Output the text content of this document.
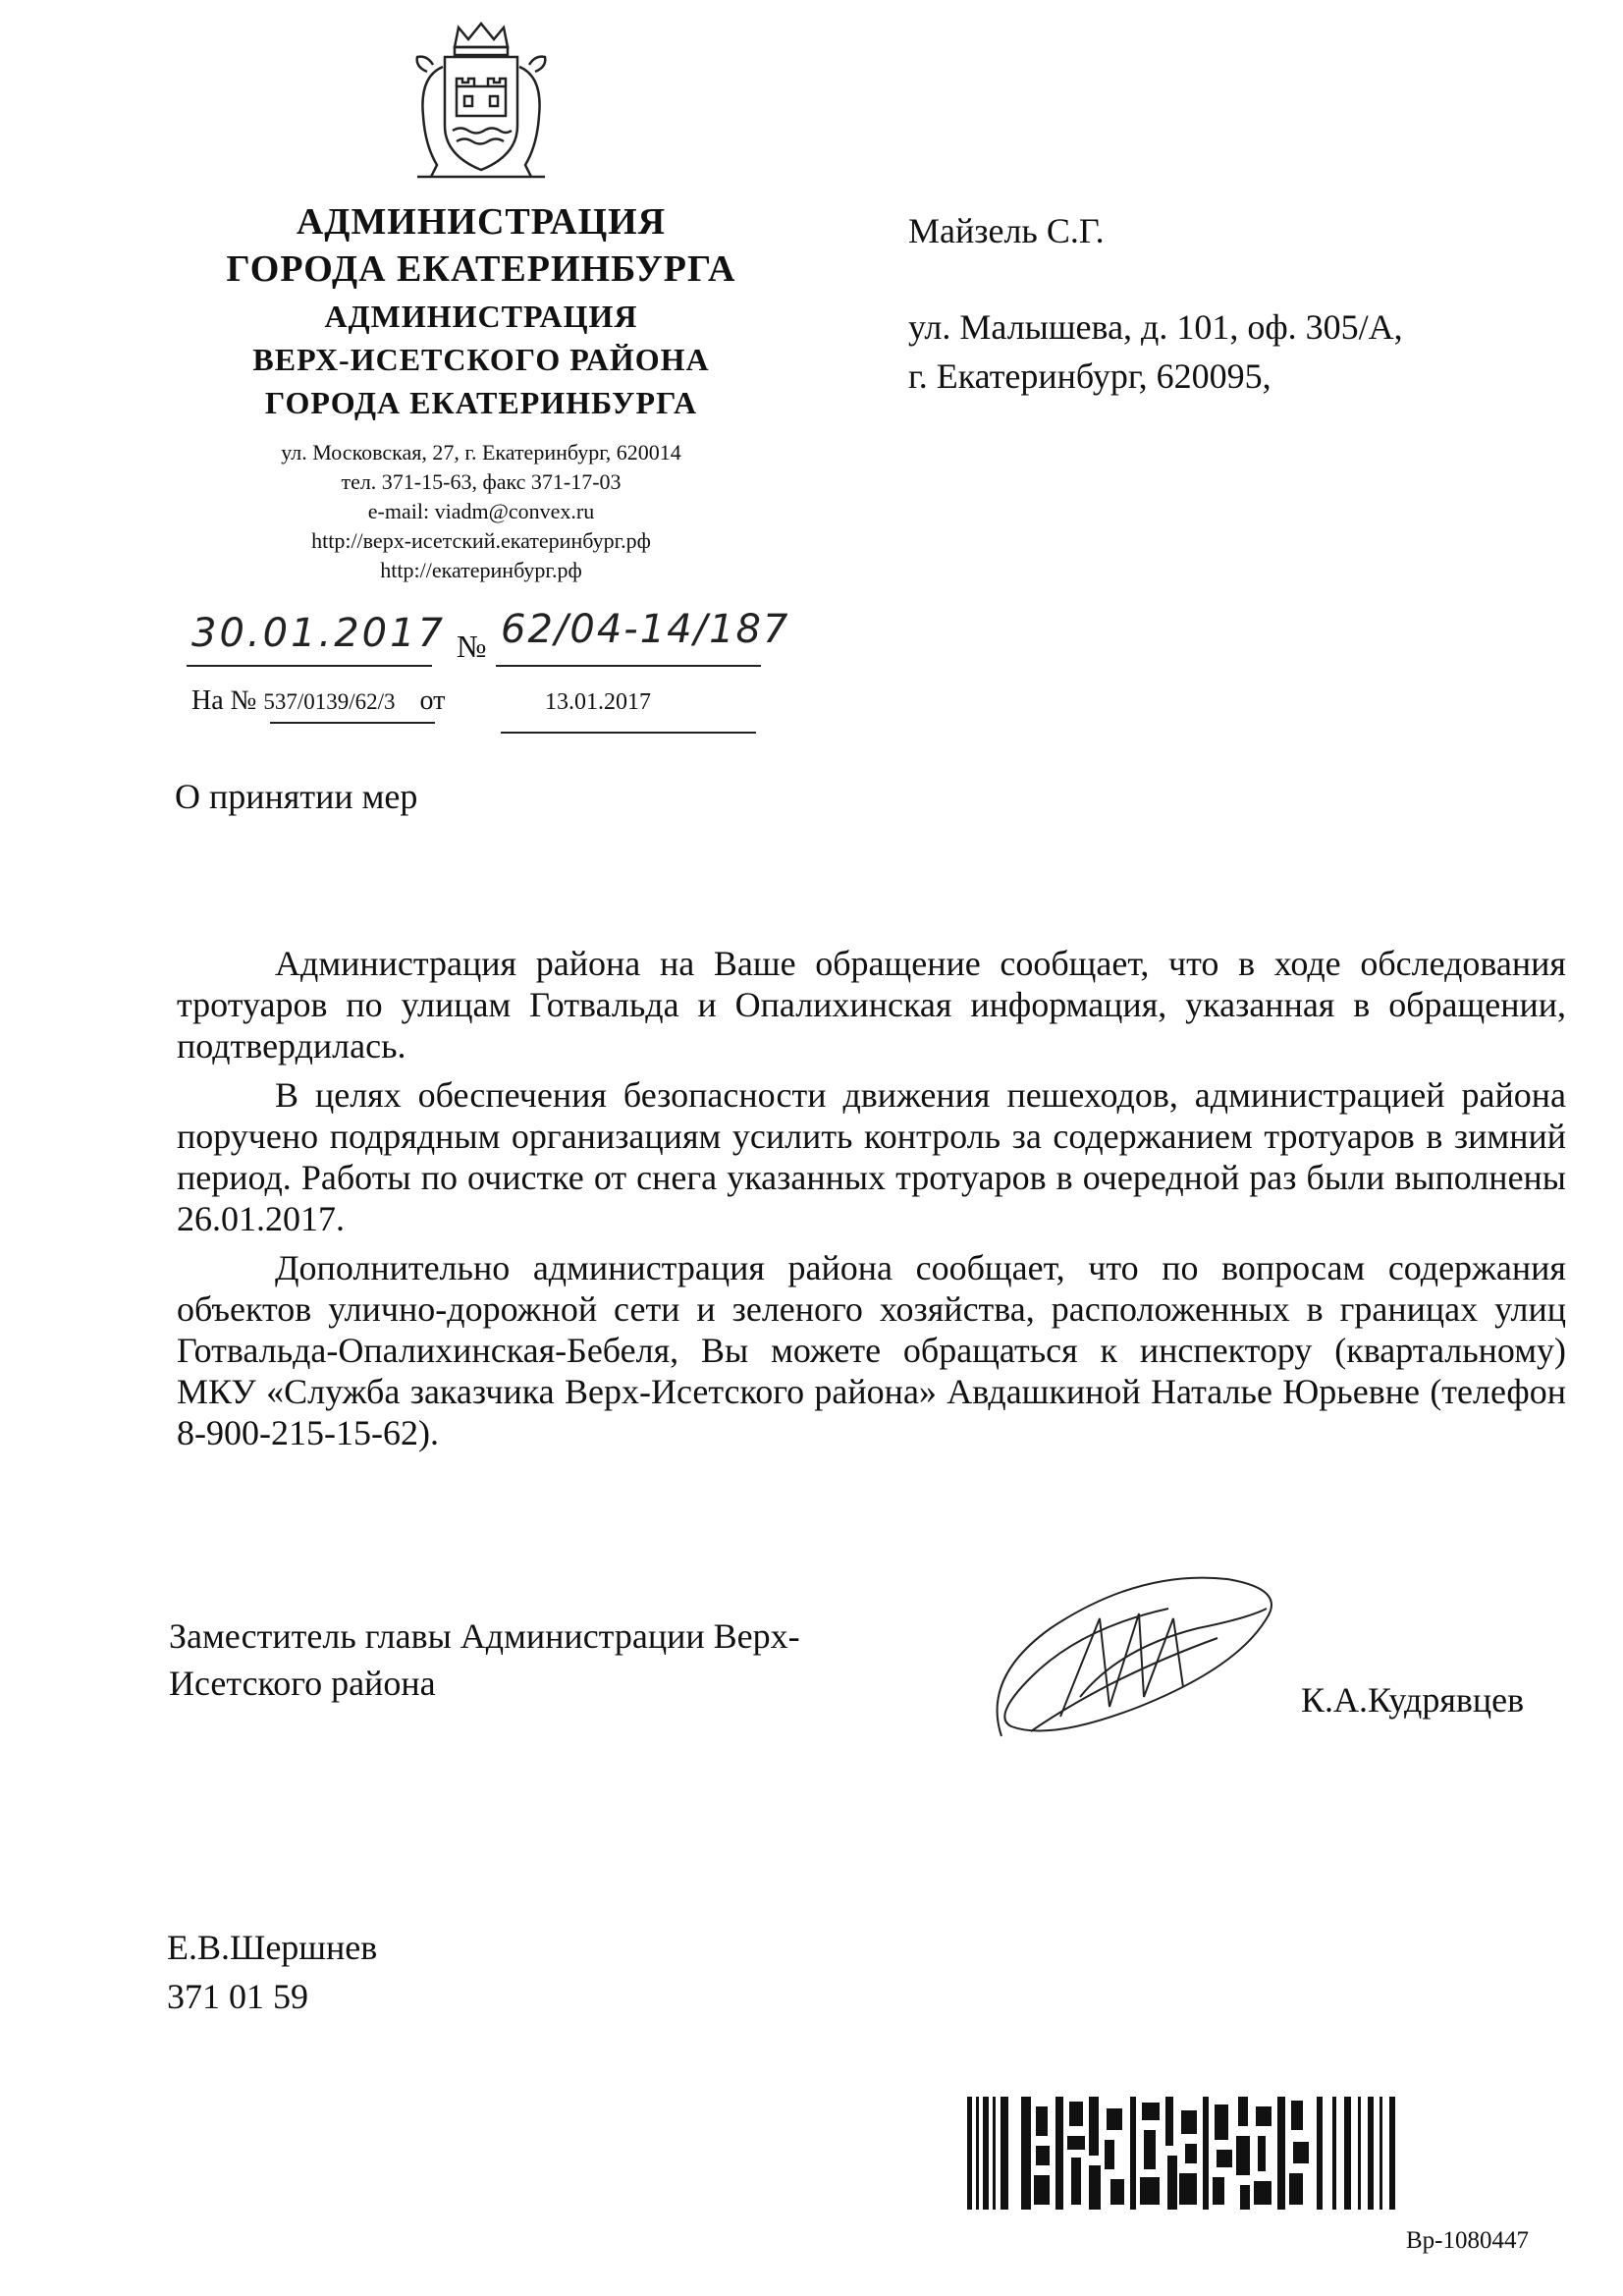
АДМИНИСТРАЦИЯ
ГОРОДА ЕКАТЕРИНБУРГА
АДМИНИСТРАЦИЯ
ВЕРХ-ИСЕТСКОГО РАЙОНА
ГОРОДА ЕКАТЕРИНБУРГА
ул. Московская, 27, г. Екатеринбург, 620014
тел. 371-15-63, факс 371-17-03
e-mail: viadm@convex.ru
http://верх-исетский.екатеринбург.рф
http://екатеринбург.рф
Майзель С.Г.
ул. Малышева, д. 101, оф. 305/А,
г. Екатеринбург, 620095,
30.01.2017 № 62/04-14/187
На № 537/0139/62/3 от	13.01.2017
О принятии мер

Администрация района на Ваше обращение сообщает, что в ходе обследования тротуаров по улицам Готвальда и Опалихинская информация, указанная в обращении, подтвердилась.

В целях обеспечения безопасности движения пешеходов, администрацией района поручено подрядным организациям усилить контроль за содержанием тротуаров в зимний период. Работы по очистке от снега указанных тротуаров в очередной раз были выполнены 26.01.2017.

Дополнительно администрация района сообщает, что по вопросам содержания объектов улично-дорожной сети и зеленого хозяйства, расположенных в границах улиц Готвальда-Опалихинская-Бебеля, Вы можете обращаться к инспектору (квартальному) МКУ «Служба заказчика Верх-Исетского района» Авдашкиной Наталье Юрьевне (телефон 8-900-215-15-62).

Заместитель главы Администрации Верх-
Исетского района	К.А.Кудрявцев
Е.В.Шершнев
371 01 59
Вр-1080447
